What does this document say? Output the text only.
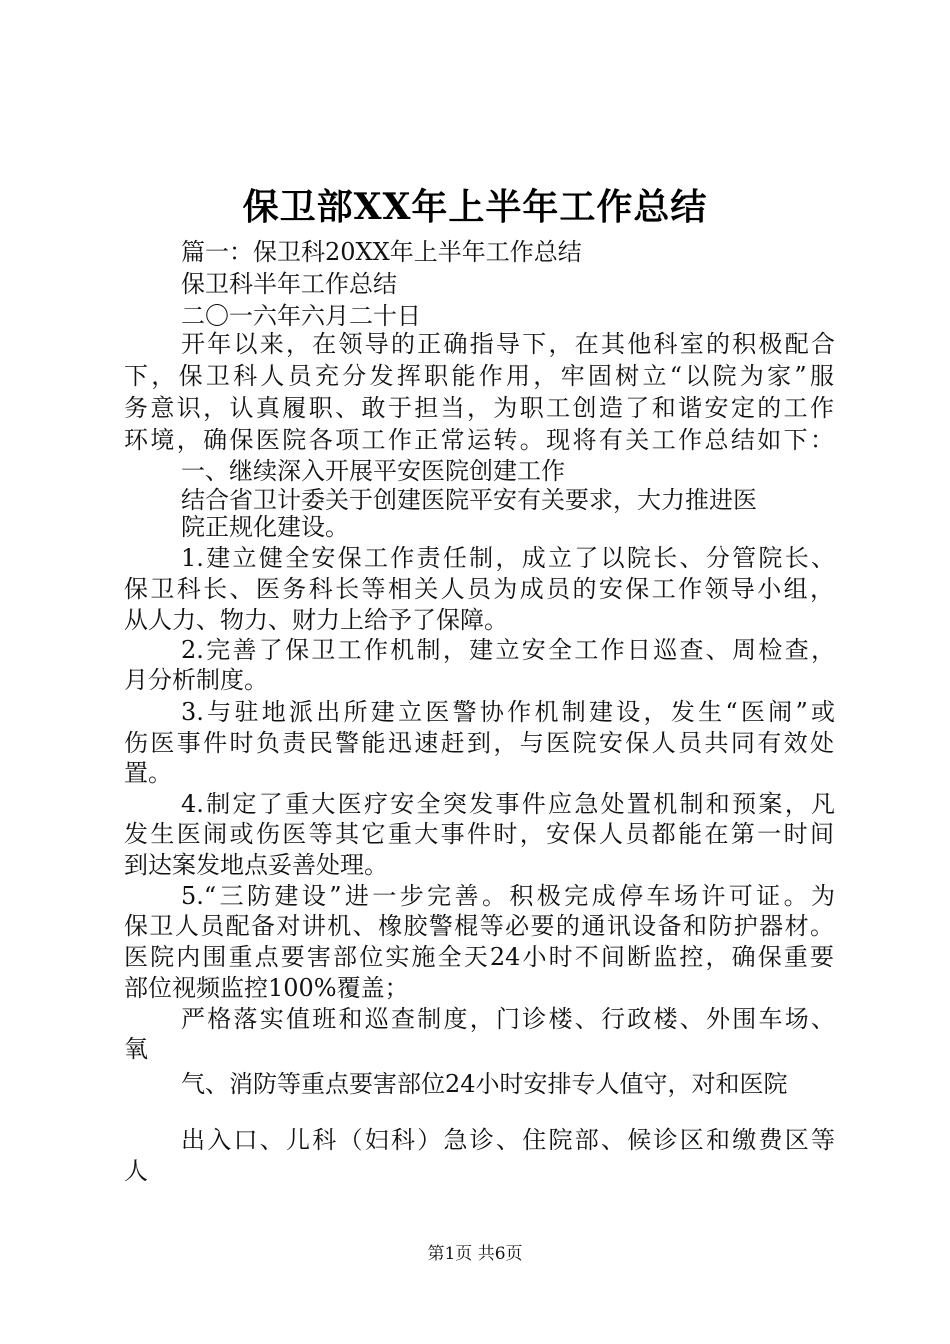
保卫部XX年上半年工作总结
篇一：保卫科20XX年上半年工作总结
保卫科半年工作总结
二〇一六年六月二十日
开年以来，在领导的正确指导下，在其他科室的积极配合
下，保卫科人员充分发挥职能作用，牢固树立“以院为家”服
务意识，认真履职、敢于担当，为职工创造了和谐安定的工作
环境，确保医院各项工作正常运转。现将有关工作总结如下：
一、继续深入开展平安医院创建工作
结合省卫计委关于创建医院平安有关要求，大力推进医
院正规化建设。
1.建立健全安保工作责任制，成立了以院长、分管院长、
保卫科长、医务科长等相关人员为成员的安保工作领导小组，
从人力、物力、财力上给予了保障。
2.完善了保卫工作机制，建立安全工作日巡查、周检查，
月分析制度。
3.与驻地派出所建立医警协作机制建设，发生“医闹”或
伤医事件时负责民警能迅速赶到，与医院安保人员共同有效处
置。
4.制定了重大医疗安全突发事件应急处置机制和预案，凡
发生医闹或伤医等其它重大事件时，安保人员都能在第一时间
到达案发地点妥善处理。
5.“三防建设”进一步完善。积极完成停车场许可证。为
保卫人员配备对讲机、橡胶警棍等必要的通讯设备和防护器材。
医院内围重点要害部位实施全天24小时不间断监控，确保重要
部位视频监控100%覆盖；
严格落实值班和巡查制度，门诊楼、行政楼、外围车场、
氧
气、消防等重点要害部位24小时安排专人值守，对和医院
出入口、儿科（妇科）急诊、住院部、候诊区和缴费区等
人
第1页 共6页
